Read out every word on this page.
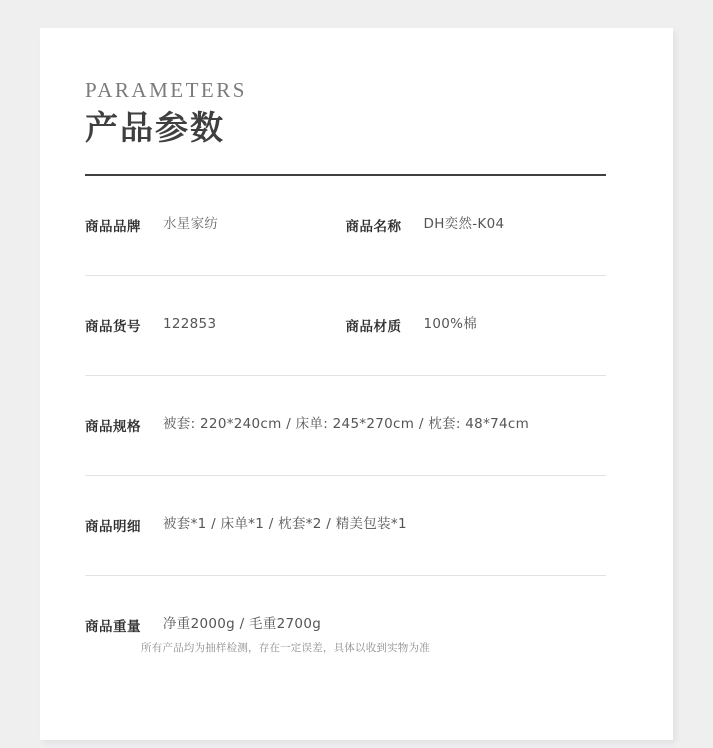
PARAMETERS
产品参数
商品品牌 水星家纺	商品名称 DH奕然-K04
商品货号 122853	商品材质 100%棉
商品规格 被套: 220*240cm / 床单: 245*270cm / 枕套: 48*74cm
商品明细 被套*1 / 床单*1 / 枕套*2 / 精美包装*1
商品重量 净重2000g / 毛重2700g
所有产品均为抽样检测，存在一定误差，具体以收到实物为准
